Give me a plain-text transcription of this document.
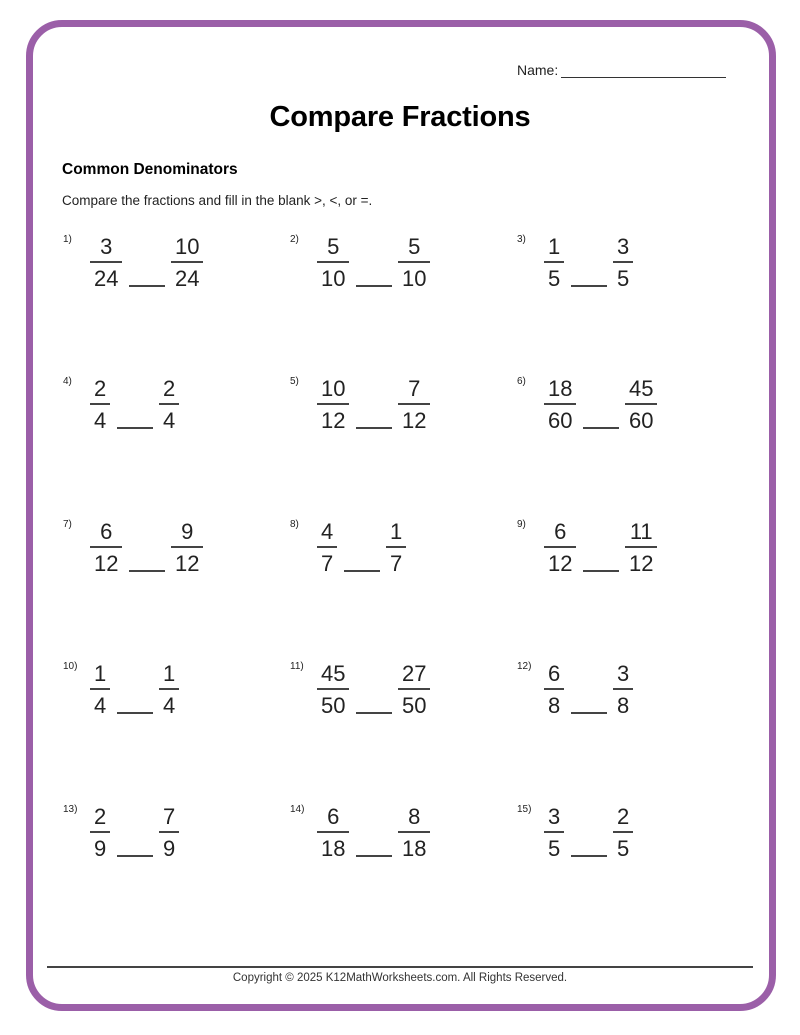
Name:
Compare Fractions
Common Denominators
Compare the fractions and fill in the blank >, <, or =.
1)	3
24
10
24
2)	5
10
5
10
3) 1
5
3
5
4) 2
4
2
4
5) 10
12
7
12
6) 18
60
45
60
7)	6
12
9
12
8) 4
7
1
7
9)	6
12
11
12
10) 1
4
1
4
11) 45
50
27
50
12) 6
8
3
8
13) 2
9
7
9
14)	6
18
8
18
15) 3
5
2
5
Copyright © 2025 K12MathWorksheets.com. All Rights Reserved.
